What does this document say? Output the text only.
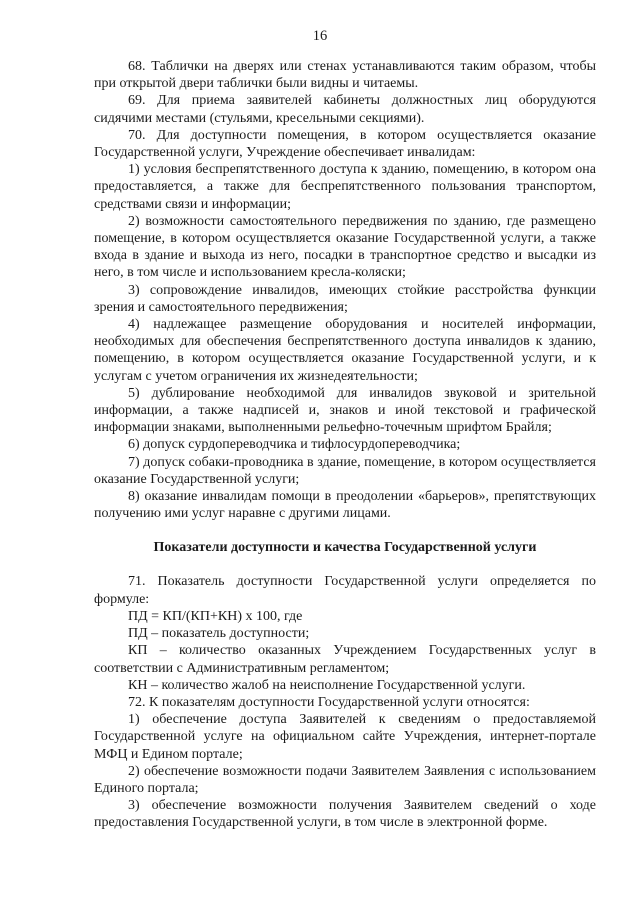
16

68. Таблички на дверях или стенах устанавливаются таким образом, чтобы при открытой двери таблички были видны и читаемы.

69. Для приема заявителей кабинеты должностных лиц оборудуются сидячими местами (стульями, кресельными секциями).

70. Для доступности помещения, в котором осуществляется оказание Государственной услуги, Учреждение обеспечивает инвалидам:

1) условия беспрепятственного доступа к зданию, помещению, в котором она предоставляется, а также для беспрепятственного пользования транспортом, средствами связи и информации;

2) возможности самостоятельного передвижения по зданию, где размещено помещение, в котором осуществляется оказание Государственной услуги, а также входа в здание и выхода из него, посадки в транспортное средство и высадки из него, в том числе и использованием кресла-коляски;

3) сопровождение инвалидов, имеющих стойкие расстройства функции зрения и самостоятельного передвижения;

4) надлежащее размещение оборудования и носителей информации, необходимых для обеспечения беспрепятственного доступа инвалидов к зданию, помещению, в котором осуществляется оказание Государственной услуги, и к услугам с учетом ограничения их жизнедеятельности;

5) дублирование необходимой для инвалидов звуковой и зрительной информации, а также надписей и, знаков и иной текстовой и графической информации знаками, выполненными рельефно-точечным шрифтом Брайля;

6) допуск сурдопереводчика и тифлосурдопереводчика;

7) допуск собаки-проводника в здание, помещение, в котором осуществляется оказание Государственной услуги;

8) оказание инвалидам помощи в преодолении «барьеров», препятствующих получению ими услуг наравне с другими лицами.

Показатели доступности и качества Государственной услуги

71. Показатель доступности Государственной услуги определяется по формуле:

ПД = КП/(КП+КН) х 100, где

ПД – показатель доступности;

КП – количество оказанных Учреждением Государственных услуг в соответствии с Административным регламентом;

КН – количество жалоб на неисполнение Государственной услуги.

72. К показателям доступности Государственной услуги относятся:

1) обеспечение доступа Заявителей к сведениям о предоставляемой Государственной услуге на официальном сайте Учреждения, интернет-портале МФЦ и Едином портале;

2) обеспечение возможности подачи Заявителем Заявления с использованием Единого портала;

3) обеспечение возможности получения Заявителем сведений о ходе предоставления Государственной услуги, в том числе в электронной форме.
